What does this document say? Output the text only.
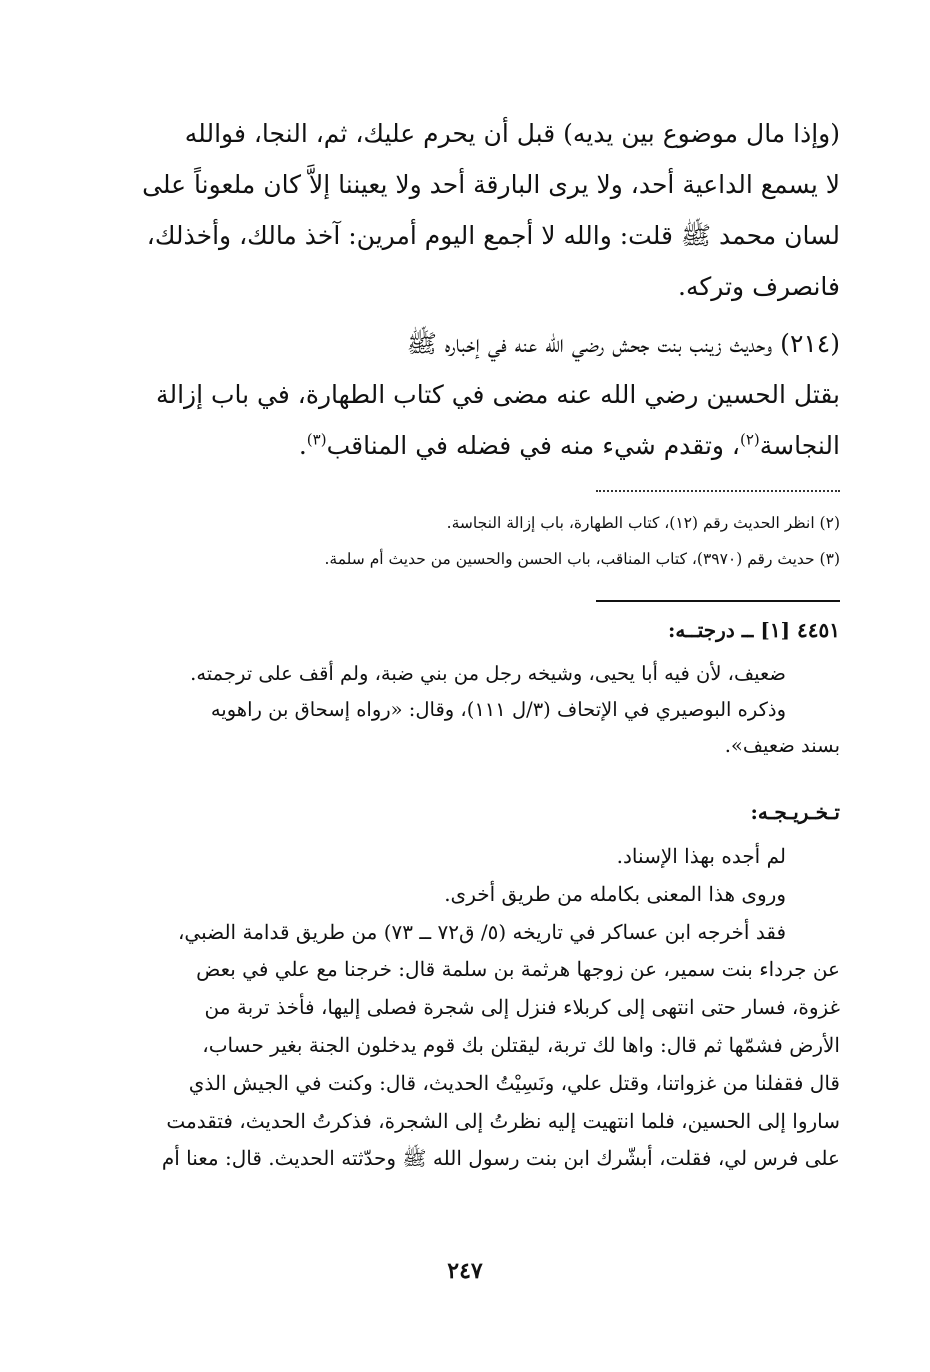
(وإذا مال موضوع بين يديه) قبل أن يحرم عليك، ثم، النجا، فوالله

لا يسمع الداعية أحد، ولا يرى البارقة أحد ولا يعيننا إلاَّ كان ملعوناً على

لسان محمد ﷺ قلت: والله لا أجمع اليوم أمرين: آخذ مالك، وأخذلك،

فانصرف وتركه.

(٢١٤) وحديث زينب بنت جحش رضي الله عنه في إخباره ﷺ

بقتل الحسين رضي الله عنه مضى في كتاب الطهارة، في باب إزالة

النجاسة$^{(٢)}$، وتقدم شيء منه في فضله في المناقب$^{(٣)}$.

(٢) انظر الحديث رقم (١٢)، كتاب الطهارة، باب إزالة النجاسة.
(٣) حديث رقم (٣٩٧٠)، كتاب المناقب، باب الحسن والحسين من حديث أم سلمة.
٤٤٥١ [١] ــ درجتــه:

ضعيف، لأن فيه أبا يحيى، وشيخه رجل من بني ضبة، ولم أقف على ترجمته.

وذكره البوصيري في الإتحاف (٣/ل ١١١)، وقال: «رواه إسحاق بن راهويه

بسند ضعيف».

تـخـريـجـه:

لم أجده بهذا الإسناد.

وروى هذا المعنى بكامله من طريق أخرى.

فقد أخرجه ابن عساكر في تاريخه (٥/ ق٧٢ ــ ٧٣) من طريق قدامة الضبي،

عن جرداء بنت سمير، عن زوجها هرثمة بن سلمة قال: خرجنا مع علي في بعض

غزوة، فسار حتى انتهى إلى كربلاء فنزل إلى شجرة فصلى إليها، فأخذ تربة من

الأرض فشمّها ثم قال: واها لك تربة، ليقتلن بك قوم يدخلون الجنة بغير حساب،

قال فقفلنا من غزواتنا، وقتل علي، ونَسِيْتُ الحديث، قال: وكنت في الجيش الذي

ساروا إلى الحسين، فلما انتهيت إليه نظرتُ إلى الشجرة، فذكرتُ الحديث، فتقدمت

على فرس لي، فقلت، أبشّرك ابن بنت رسول الله ﷺ وحدّثته الحديث. قال: معنا أم

٢٤٧
